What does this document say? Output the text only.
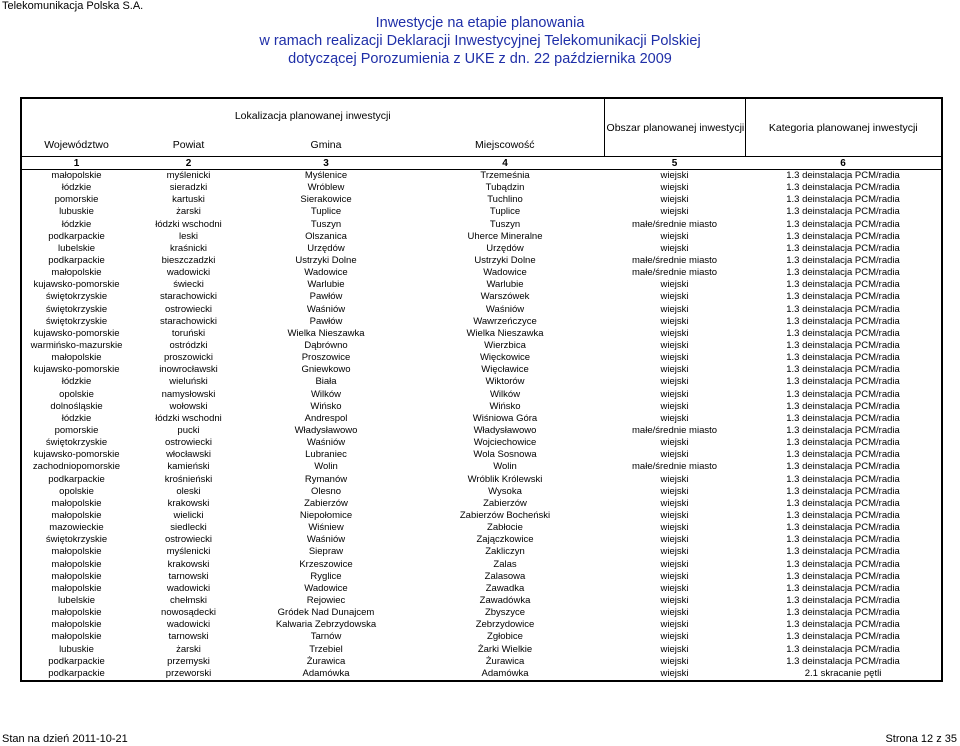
Telekomunikacja Polska S.A.
Inwestycje na etapie planowania
w ramach realizacji Deklaracji Inwestycyjnej Telekomunikacji Polskiej
dotyczącej Porozumienia z UKE z dn. 22 października 2009
Lokalizacja planowanej inwestycji				Obszar planowanej inwestycji	Kategoria planowanej inwestycji
Województwo	Powiat	Gmina	Miejscowość		
1	2	3	4	5	6
małopolskie	myślenicki	Myślenice	Trzemeśnia	wiejski	1.3 deinstalacja PCM/radia
łódzkie	sieradzki	Wróblew	Tubądzin	wiejski	1.3 deinstalacja PCM/radia
pomorskie	kartuski	Sierakowice	Tuchlino	wiejski	1.3 deinstalacja PCM/radia
lubuskie	żarski	Tuplice	Tuplice	wiejski	1.3 deinstalacja PCM/radia
łódzkie	łódzki wschodni	Tuszyn	Tuszyn	małe/średnie miasto	1.3 deinstalacja PCM/radia
podkarpackie	leski	Olszanica	Uherce Mineralne	wiejski	1.3 deinstalacja PCM/radia
lubelskie	kraśnicki	Urzędów	Urzędów	wiejski	1.3 deinstalacja PCM/radia
podkarpackie	bieszczadzki	Ustrzyki Dolne	Ustrzyki Dolne	małe/średnie miasto	1.3 deinstalacja PCM/radia
małopolskie	wadowicki	Wadowice	Wadowice	małe/średnie miasto	1.3 deinstalacja PCM/radia
kujawsko-pomorskie	świecki	Warlubie	Warlubie	wiejski	1.3 deinstalacja PCM/radia
świętokrzyskie	starachowicki	Pawłów	Warszówek	wiejski	1.3 deinstalacja PCM/radia
świętokrzyskie	ostrowiecki	Waśniów	Waśniów	wiejski	1.3 deinstalacja PCM/radia
świętokrzyskie	starachowicki	Pawłów	Wawrzeńczyce	wiejski	1.3 deinstalacja PCM/radia
kujawsko-pomorskie	toruński	Wielka Nieszawka	Wielka Nieszawka	wiejski	1.3 deinstalacja PCM/radia
warmińsko-mazurskie	ostródzki	Dąbrówno	Wierzbica	wiejski	1.3 deinstalacja PCM/radia
małopolskie	proszowicki	Proszowice	Więckowice	wiejski	1.3 deinstalacja PCM/radia
kujawsko-pomorskie	inowrocławski	Gniewkowo	Więcławice	wiejski	1.3 deinstalacja PCM/radia
łódzkie	wieluński	Biała	Wiktorów	wiejski	1.3 deinstalacja PCM/radia
opolskie	namysłowski	Wilków	Wilków	wiejski	1.3 deinstalacja PCM/radia
dolnośląskie	wołowski	Wińsko	Wińsko	wiejski	1.3 deinstalacja PCM/radia
łódzkie	łódzki wschodni	Andrespol	Wiśniowa Góra	wiejski	1.3 deinstalacja PCM/radia
pomorskie	pucki	Władysławowo	Władysławowo	małe/średnie miasto	1.3 deinstalacja PCM/radia
świętokrzyskie	ostrowiecki	Waśniów	Wojciechowice	wiejski	1.3 deinstalacja PCM/radia
kujawsko-pomorskie	włocławski	Lubraniec	Wola Sosnowa	wiejski	1.3 deinstalacja PCM/radia
zachodniopomorskie	kamieński	Wolin	Wolin	małe/średnie miasto	1.3 deinstalacja PCM/radia
podkarpackie	krośnieński	Rymanów	Wróblik Królewski	wiejski	1.3 deinstalacja PCM/radia
opolskie	oleski	Olesno	Wysoka	wiejski	1.3 deinstalacja PCM/radia
małopolskie	krakowski	Zabierzów	Zabierzów	wiejski	1.3 deinstalacja PCM/radia
małopolskie	wielicki	Niepołomice	Zabierzów Bocheński	wiejski	1.3 deinstalacja PCM/radia
mazowieckie	siedlecki	Wiśniew	Zabłocie	wiejski	1.3 deinstalacja PCM/radia
świętokrzyskie	ostrowiecki	Waśniów	Zajączkowice	wiejski	1.3 deinstalacja PCM/radia
małopolskie	myślenicki	Siepraw	Zakliczyn	wiejski	1.3 deinstalacja PCM/radia
małopolskie	krakowski	Krzeszowice	Zalas	wiejski	1.3 deinstalacja PCM/radia
małopolskie	tarnowski	Ryglice	Zalasowa	wiejski	1.3 deinstalacja PCM/radia
małopolskie	wadowicki	Wadowice	Zawadka	wiejski	1.3 deinstalacja PCM/radia
lubelskie	chełmski	Rejowiec	Zawadówka	wiejski	1.3 deinstalacja PCM/radia
małopolskie	nowosądecki	Gródek Nad Dunajcem	Zbyszyce	wiejski	1.3 deinstalacja PCM/radia
małopolskie	wadowicki	Kalwaria Zebrzydowska	Zebrzydowice	wiejski	1.3 deinstalacja PCM/radia
małopolskie	tarnowski	Tarnów	Zgłobice	wiejski	1.3 deinstalacja PCM/radia
lubuskie	żarski	Trzebiel	Żarki Wielkie	wiejski	1.3 deinstalacja PCM/radia
podkarpackie	przemyski	Żurawica	Żurawica	wiejski	1.3 deinstalacja PCM/radia
podkarpackie	przeworski	Adamówka	Adamówka	wiejski	2.1 skracanie pętli
Stan na dzień 2011-10-21	Strona 12 z 35
